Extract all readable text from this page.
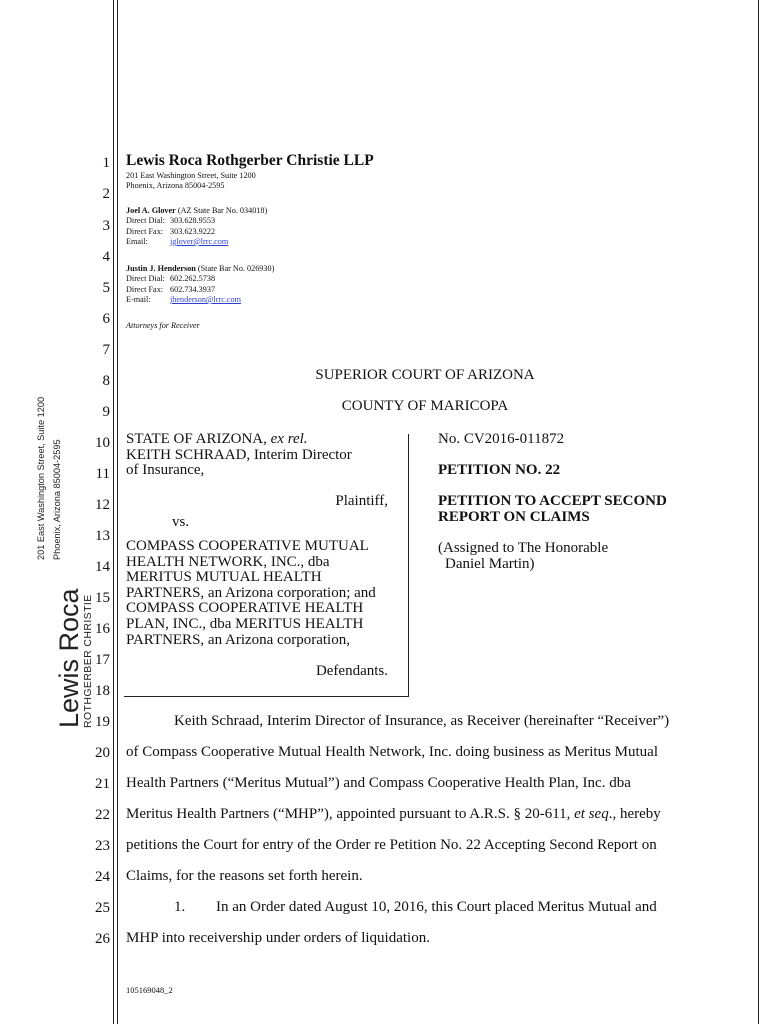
Lewis Roca
ROTHGERBER CHRISTIE
201 East Washington Street, Suite 1200 Phoenix, Arizona 85004-2595
1
2
3
4
5
6
7
8
9
10
11
12
13
14
15
16
17
18
19
20
21
22
23
24
25
26
Lewis Roca Rothgerber Christie LLP
201 East Washington Street, Suite 1200
Phoenix, Arizona 85004-2595
Joel A. Glover (AZ State Bar No. 034018)
Direct Dial: 303.628.9553
Direct Fax: 303.623.9222
Email:	jglover@lrrc.com
Justin J. Henderson (State Bar No. 026930)
Direct Dial: 602.262.5738
Direct Fax: 602.734.3937
E-mail: jhenderson@lrrc.com
Attorneys for Receiver
SUPERIOR COURT OF ARIZONA
COUNTY OF MARICOPA
STATE OF ARIZONA, ex rel.
KEITH SCHRAAD, Interim Director
of Insurance,
Plaintiff,
vs.
COMPASS COOPERATIVE MUTUAL
HEALTH NETWORK, INC., dba
MERITUS MUTUAL HEALTH
PARTNERS, an Arizona corporation; and
COMPASS COOPERATIVE HEALTH
PLAN, INC., dba MERITUS HEALTH
PARTNERS, an Arizona corporation,
Defendants.
No. CV2016-011872
PETITION NO. 22
PETITION TO ACCEPT SECOND
REPORT ON CLAIMS
(Assigned to The Honorable
Daniel Martin)
Keith Schraad, Interim Director of Insurance, as Receiver (hereinafter “Receiver”)
of Compass Cooperative Mutual Health Network, Inc. doing business as Meritus Mutual
Health Partners (“Meritus Mutual”) and Compass Cooperative Health Plan, Inc. dba
Meritus Health Partners (“MHP”), appointed pursuant to A.R.S. § 20-611, et seq., hereby
petitions the Court for entry of the Order re Petition No. 22 Accepting Second Report on
Claims, for the reasons set forth herein.
1. In an Order dated August 10, 2016, this Court placed Meritus Mutual and
MHP into receivership under orders of liquidation.
105169048_2
